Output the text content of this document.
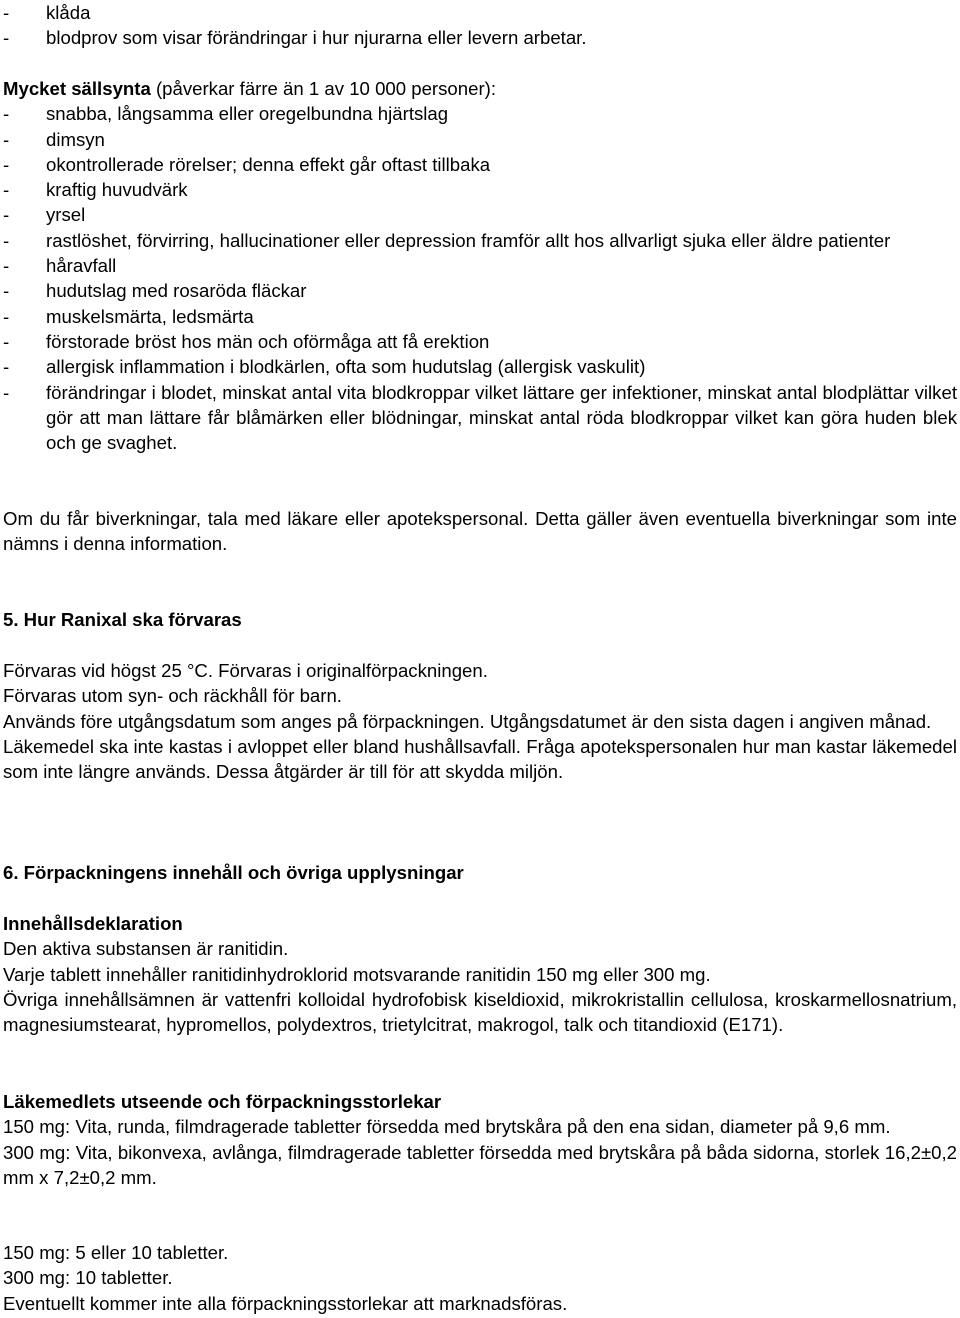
- klåda
- blodprov som visar förändringar i hur njurarna eller levern arbetar.

Mycket sällsynta (påverkar färre än 1 av 10 000 personer):

- snabba, långsamma eller oregelbundna hjärtslag
- dimsyn
- okontrollerade rörelser; denna effekt går oftast tillbaka
- kraftig huvudvärk
- yrsel
- rastlöshet, förvirring, hallucinationer eller depression framför allt hos allvarligt sjuka eller äldre patienter
- håravfall
- hudutslag med rosaröda fläckar
- muskelsmärta, ledsmärta
- förstorade bröst hos män och oförmåga att få erektion
- allergisk inflammation i blodkärlen, ofta som hudutslag (allergisk vaskulit)
- förändringar i blodet, minskat antal vita blodkroppar vilket lättare ger infektioner, minskat antal blodplättar vilket gör att man lättare får blåmärken eller blödningar, minskat antal röda blodkroppar vilket kan göra huden blek och ge svaghet.

Om du får biverkningar, tala med läkare eller apotekspersonal. Detta gäller även eventuella biverkningar som inte nämns i denna information.

5. Hur Ranixal ska förvaras

Förvaras vid högst 25 °C. Förvaras i originalförpackningen.

Förvaras utom syn- och räckhåll för barn.

Används före utgångsdatum som anges på förpackningen. Utgångsdatumet är den sista dagen i angiven månad.

Läkemedel ska inte kastas i avloppet eller bland hushållsavfall. Fråga apotekspersonalen hur man kastar läkemedel som inte längre används. Dessa åtgärder är till för att skydda miljön.

6. Förpackningens innehåll och övriga upplysningar

Innehållsdeklaration

Den aktiva substansen är ranitidin.

Varje tablett innehåller ranitidinhydroklorid motsvarande ranitidin 150 mg eller 300 mg.

Övriga innehållsämnen är vattenfri kolloidal hydrofobisk kiseldioxid, mikrokristallin cellulosa, kroskarmellosnatrium, magnesiumstearat, hypromellos, polydextros, trietylcitrat, makrogol, talk och titandioxid (E171).

Läkemedlets utseende och förpackningsstorlekar

150 mg: Vita, runda, filmdragerade tabletter försedda med brytskåra på den ena sidan, diameter på 9,6 mm.

300 mg: Vita, bikonvexa, avlånga, filmdragerade tabletter försedda med brytskåra på båda sidorna, storlek 16,2±0,2 mm x 7,2±0,2 mm.

150 mg: 5 eller 10 tabletter.

300 mg: 10 tabletter.

Eventuellt kommer inte alla förpackningsstorlekar att marknadsföras.
